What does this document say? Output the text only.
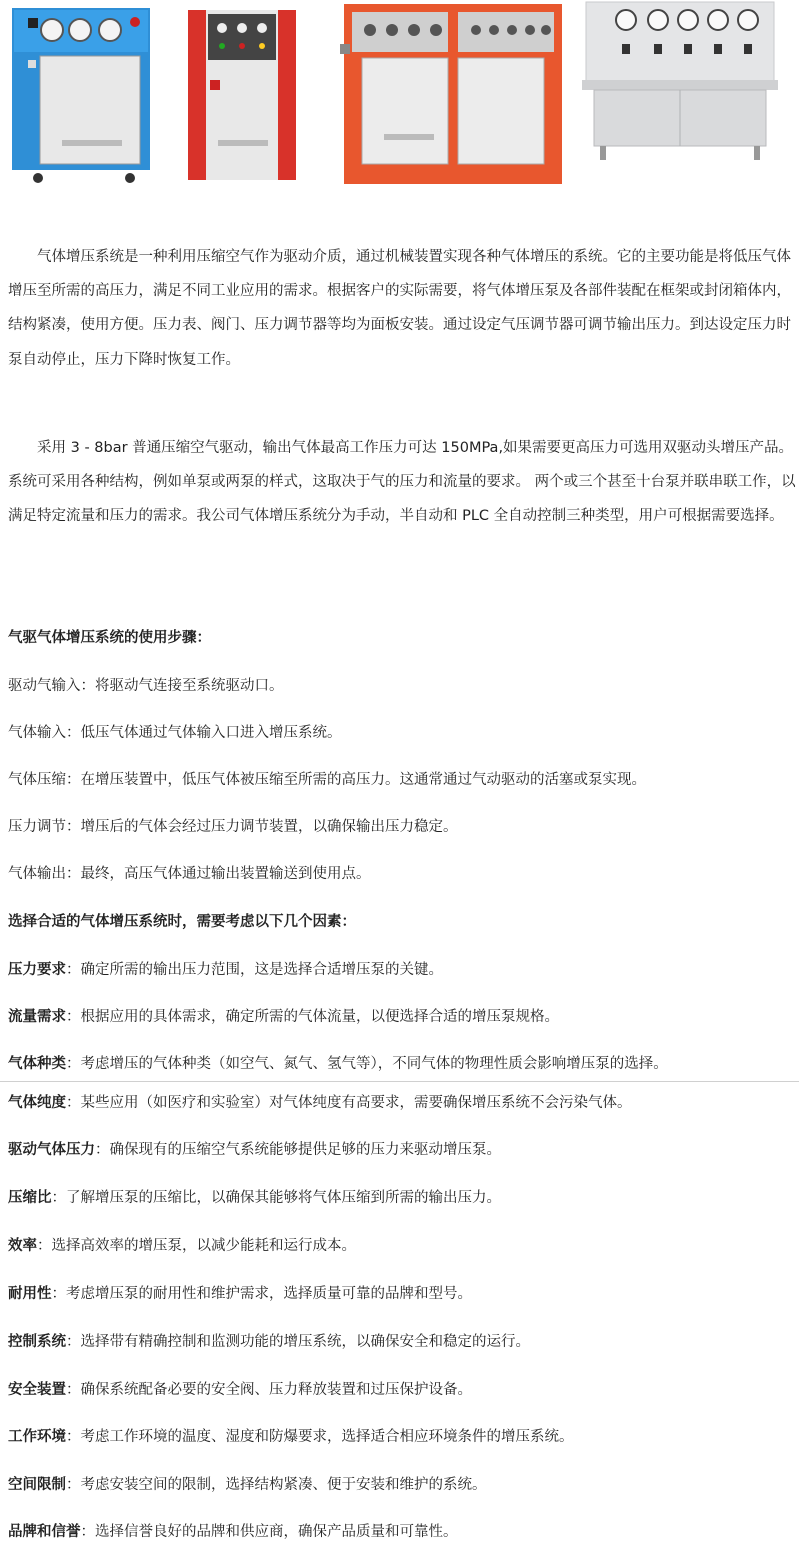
　　气体增压系统是一种利用压缩空气作为驱动介质，通过机械装置实现各种气体增压的系统。它的主要功能是将低压气体增压至所需的高压力，满足不同工业应用的需求。根据客户的实际需要，将气体增压泵及各部件装配在框架或封闭箱体内，结构紧凑，使用方便。压力表、阀门、压力调节器等均为面板安装。通过设定气压调节器可调节输出压力。到达设定压力时泵自动停止，压力下降时恢复工作。

　　采用 3 - 8bar 普通压缩空气驱动，输出气体最高工作压力可达 150MPa,如果需要更高压力可选用双驱动头增压产品。系统可采用各种结构，例如单泵或两泵的样式，这取决于气的压力和流量的要求。 两个或三个甚至十台泵并联串联工作，以满足特定流量和压力的需求。我公司气体增压系统分为手动，半自动和 PLC 全自动控制三种类型，用户可根据需要选择。

气驱气体增压系统的使用步骤：

驱动气输入：将驱动气连接至系统驱动口。

气体输入：低压气体通过气体输入口进入增压系统。

气体压缩：在增压装置中，低压气体被压缩至所需的高压力。这通常通过气动驱动的活塞或泵实现。

压力调节：增压后的气体会经过压力调节装置，以确保输出压力稳定。

气体输出：最终，高压气体通过输出装置输送到使用点。

选择合适的气体增压系统时，需要考虑以下几个因素：

压力要求：确定所需的输出压力范围，这是选择合适增压泵的关键。

流量需求：根据应用的具体需求，确定所需的气体流量，以便选择合适的增压泵规格。

气体种类：考虑增压的气体种类（如空气、氮气、氢气等），不同气体的物理性质会影响增压泵的选择。

气体纯度：某些应用（如医疗和实验室）对气体纯度有高要求，需要确保增压系统不会污染气体。

驱动气体压力：确保现有的压缩空气系统能够提供足够的压力来驱动增压泵。

压缩比：了解增压泵的压缩比，以确保其能够将气体压缩到所需的输出压力。

效率：选择高效率的增压泵，以减少能耗和运行成本。

耐用性：考虑增压泵的耐用性和维护需求，选择质量可靠的品牌和型号。

控制系统：选择带有精确控制和监测功能的增压系统，以确保安全和稳定的运行。

安全装置：确保系统配备必要的安全阀、压力释放装置和过压保护设备。

工作环境：考虑工作环境的温度、湿度和防爆要求，选择适合相应环境条件的增压系统。

空间限制：考虑安装空间的限制，选择结构紧凑、便于安装和维护的系统。

品牌和信誉：选择信誉良好的品牌和供应商，确保产品质量和可靠性。
